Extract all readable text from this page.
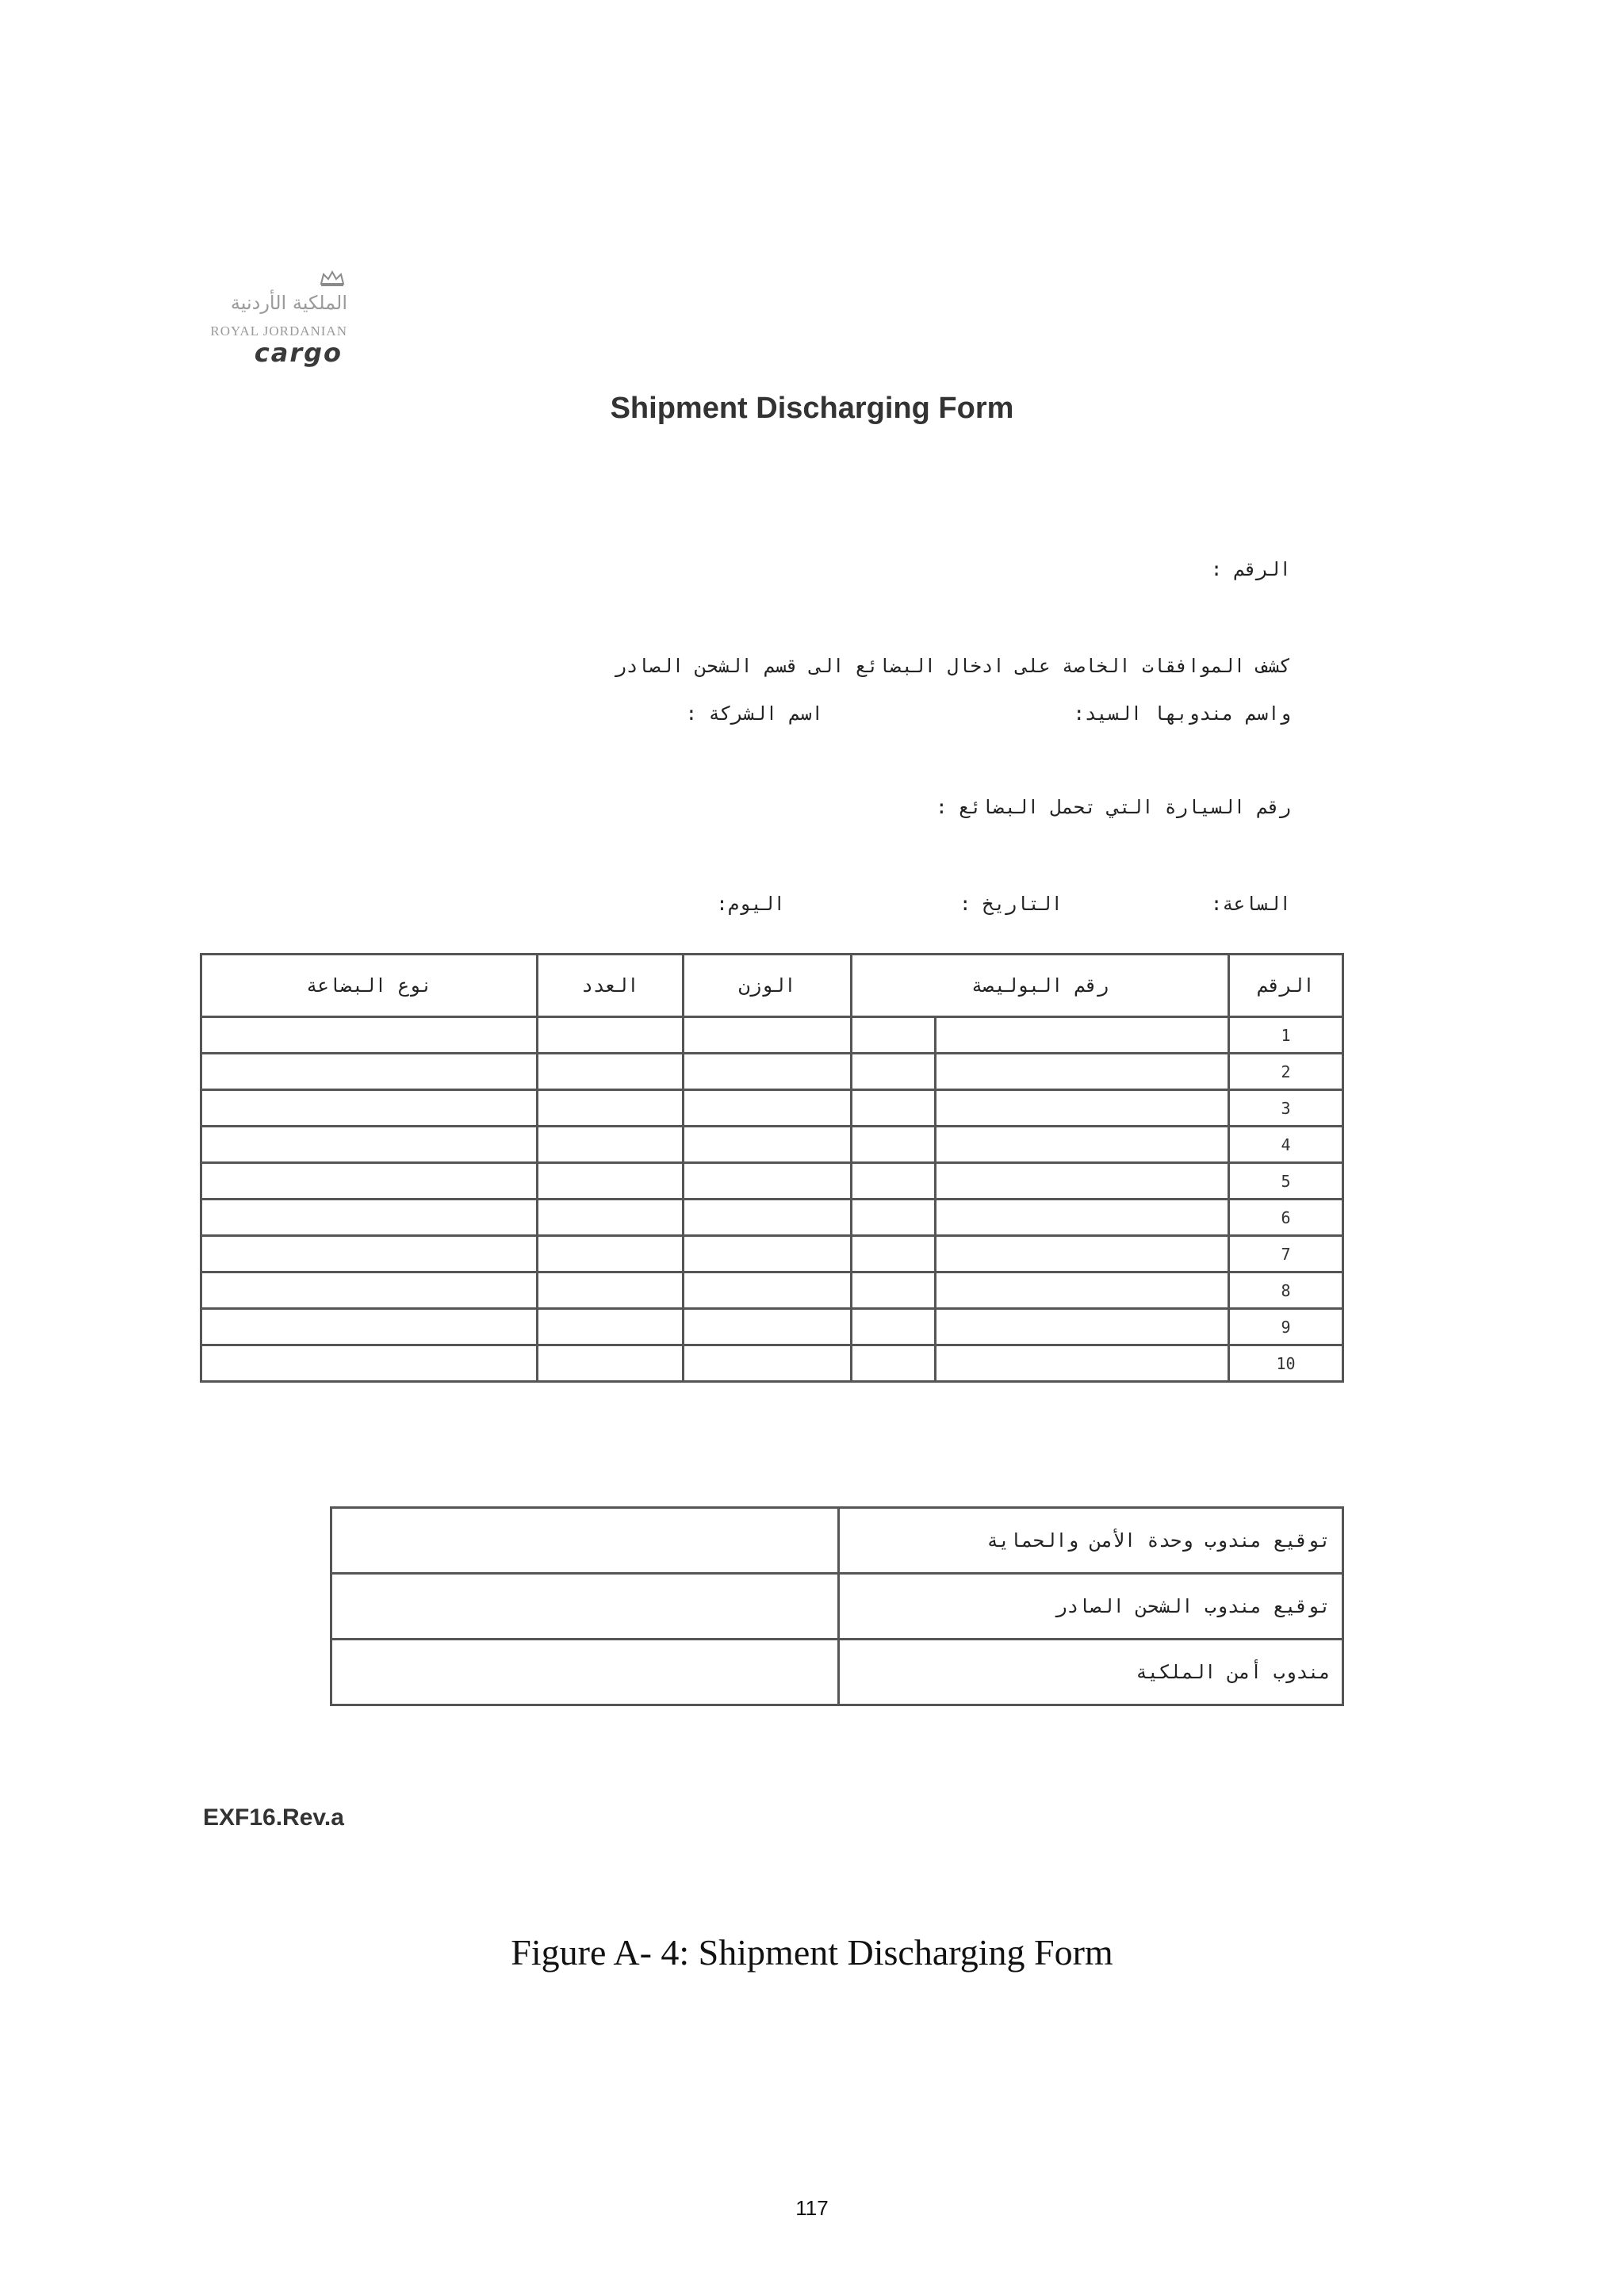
الملكية الأردنية
ROYAL JORDANIAN
cargo
Shipment Discharging Form
الرقم :
كشف الموافقات الخاصة على ادخال البضائع الى قسم الشحن الصادر
واسم مندوبها السيد:
اسم الشركة :
رقم السيارة التي تحمل البضائع :
الساعة:
التاريخ :
اليوم:
الرقم	رقم البوليصة		الوزن	العدد	نوع البضاعة
1					
2					
3					
4					
5					
6					
7					
8					
9					
10					
توقيع مندوب وحدة الأمن والحماية	
توقيع مندوب الشحن الصادر	
مندوب أمن الملكية	
EXF16.Rev.a
Figure A- 4: Shipment Discharging Form
117
